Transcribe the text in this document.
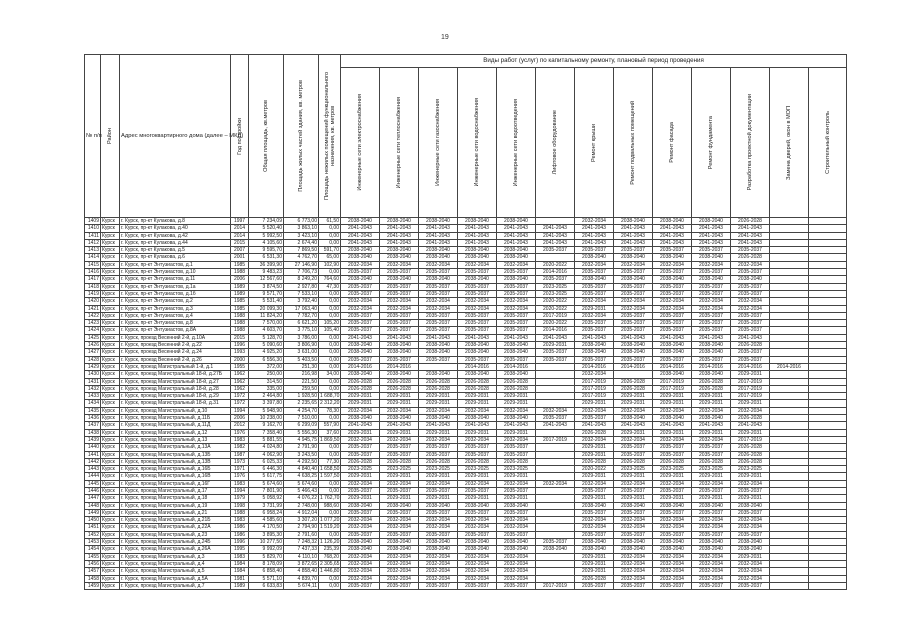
19
№ п/п	Район	Адрес многоквартирного дома (далее – МКД)	Год постройки	Общая площадь, кв.метров	Площадь жилых частей здания, кв. метров	Площадь нежилых помещений функционального назначения, кв. метров	Виды работ (услуг) по капитальному ремонту, плановый период проведения												

							Инженерные сети электроснабжения	Инженерные сети теплоснабжения	Инженерные сети газоснабжения	Инженерные сети водоснабжения	Инженерные сети водоотведения	Лифтовое оборудование	Ремонт крыши	Ремонт подвальных помещений	Ремонт фасада	Ремонт фундамента	Разработка проектной документации	Замена дверей, окон в МОП	Строительный контроль

1409	Курск	г. Курск, пр-кт Кулакова, д.8	1997	7 234,09	6 773,00	61,50	2038-2040	2038-2040	2038-2040	2038-2040	2038-2040		2032-2034	2038-2040	2038-2040	2038-2040	2026-2028		
1410	Курск	г. Курск, пр-кт Кулакова, д.40	2014	5 520,40	3 863,10	0,00	2041-2043	2041-2043	2041-2043	2041-2043	2041-2043	2041-2043	2041-2043	2041-2043	2041-2043	2041-2043	2041-2043		
1411	Курск	г. Курск, пр-кт Кулакова, д.42	2014	5 992,50	3 423,10	0,00	2041-2043	2041-2043	2041-2043	2041-2043	2041-2043	2041-2043	2041-2043	2041-2043	2041-2043	2041-2043	2041-2043		
1412	Курск	г. Курск, пр-кт Кулакова, д.44	2015	4 105,60	2 674,40	0,00	2041-2043	2041-2043	2041-2043	2041-2043	2041-2043	2041-2043	2041-2043	2041-2043	2041-2043	2041-2043	2041-2043		
1413	Курск	г. Курск, пр-кт Кулакова, д.5	2007	9 595,70	7 869,50	591,70	2038-2040	2038-2040	2038-2040	2038-2040	2038-2040	2035-2037	2035-2037	2035-2037	2035-2037	2035-2037	2035-2037		
1414	Курск	г. Курск, пр-кт Кулакова, д.6	2001	6 531,30	4 762,70	65,00	2038-2040	2038-2040	2038-2040	2038-2040	2038-2040		2038-2040	2038-2040	2038-2040	2038-2040	2026-2028		
1415	Курск	г. Курск, пр-кт Энтузиастов, д.1	1985	36 399,90	27 146,90	102,90	2032-2034	2032-2034	2032-2034	2032-2034	2032-2034	2020-2022	2032-2034	2032-2034	2032-2034	2032-2034	2032-2034		
1416	Курск	г. Курск, пр-кт Энтузиастов, д.10	1988	9 483,23	7 706,73	0,00	2035-2037	2035-2037	2035-2037	2035-2037	2035-2037	2014-2016	2035-2037	2035-2037	2035-2037	2035-2037	2035-2037		
1417	Курск	г. Курск, пр-кт Энтузиастов, д.11	2006	12 567,60	8 249,20	764,60	2038-2040	2038-2040	2038-2040	2038-2040	2038-2040	2035-2037	2038-2040	2038-2040	2038-2040	2038-2040	2038-2040		
1418	Курск	г. Курск, пр-кт Энтузиастов, д.1а	1989	3 874,50	2 927,80	47,30	2035-2037	2035-2037	2035-2037	2035-2037	2035-2037	2023-2025	2035-2037	2035-2037	2035-2037	2035-2037	2035-2037		
1419	Курск	г. Курск, пр-кт Энтузиастов, д.1б	1989	9 571,70	7 533,10	0,00	2035-2037	2035-2037	2035-2037	2035-2037	2035-2037	2023-2025	2035-2037	2035-2037	2035-2037	2035-2037	2035-2037		
1420	Курск	г. Курск, пр-кт Энтузиастов, д.2	1985	5 531,40	3 792,40	0,00	2032-2034	2032-2034	2032-2034	2032-2034	2032-2034	2020-2022	2032-2034	2032-2034	2032-2034	2032-2034	2032-2034		
1421	Курск	г. Курск, пр-кт Энтузиастов, д.3	1985	20 099,30	17 063,40	0,00	2032-2034	2032-2034	2032-2034	2032-2034	2032-2034	2020-2022	2029-2031	2032-2034	2032-2034	2032-2034	2032-2034		
1422	Курск	г. Курск, пр-кт Энтузиастов, д.4	1988	11 824,20	7 782,70	0,00	2035-2037	2035-2037	2035-2037	2035-2037	2035-2037	2017-2019	2032-2034	2035-2037	2035-2037	2035-2037	2035-2037		
1423	Курск	г. Курск, пр-кт Энтузиастов, д.8	1988	7 570,00	6 621,20	105,20	2035-2037	2035-2037	2035-2037	2035-2037	2035-2037	2020-2022	2035-2037	2035-2037	2035-2037	2035-2037	2035-2037		
1424	Курск	г. Курск, пр-кт Энтузиастов, д.8А	1988	4 603,70	3 775,10	105,40	2035-2037	2035-2037	2035-2037	2035-2037	2035-2037	2014-2016	2035-2037	2035-2037	2035-2037	2035-2037	2035-2037		
1425	Курск	г. Курск, проезд Весенний 2-й, д.10А	2015	5 128,70	3 786,00	0,00	2041-2043	2041-2043	2041-2043	2041-2043	2041-2043	2041-2043	2041-2043	2041-2043	2041-2043	2041-2043	2041-2043		
1426	Курск	г. Курск, проезд Весенний 2-й, д.22	1996	5 090,60	3 806,90	0,00	2038-2040	2038-2040	2038-2040	2038-2040	2038-2040	2029-2031	2038-2040	2038-2040	2038-2040	2038-2040	2026-2028		
1427	Курск	г. Курск, проезд Весенний 2-й, д.24	1993	4 925,20	3 631,00	0,00	2038-2040	2038-2040	2038-2040	2038-2040	2038-2040	2035-2037	2038-2040	2038-2040	2038-2040	2038-2040	2035-2037		
1428	Курск	г. Курск, проезд Весенний 2-й, д.26	2000	6 556,30	5 403,50	0,00	2035-2037	2035-2037	2035-2037	2035-2037	2035-2037	2035-2037	2035-2037	2035-2037	2035-2037	2035-2037	2035-2037		
1429	Курск	г. Курск, проезд Магистральный 1-й, д.1	1955	372,00	251,30	0,00	2014-2016	2014-2016		2014-2016	2014-2016		2014-2016	2014-2016	2014-2016	2014-2016	2014-2016	2014-2016	
1430	Курск	г. Курск, проезд Магистральный 18-й, д.27Б	1962	250,00	216,98	34,00	2038-2040	2038-2040	2038-2040	2038-2040	2038-2040		2032-2034		2038-2040	2038-2040	2029-2031		
1431	Курск	г. Курск, проезд Магистральный 18-й, д.27	1962	314,50	221,50	0,00	2026-2028	2026-2028	2026-2028	2026-2028	2026-2028		2017-2019	2026-2028	2017-2019	2026-2028	2017-2019		
1432	Курск	г. Курск, проезд Магистральный 18-й, д.28	1962	335,00	259,50	0,00	2026-2028	2026-2028	2026-2028	2026-2028	2026-2028		2017-2019	2026-2028	2017-2019	2026-2028	2017-2019		
1433	Курск	г. Курск, проезд Магистральный 18-й, д.29	1972	2 464,80	1 928,50	1 688,70	2029-2031	2029-2031	2029-2031	2029-2031	2029-2031		2017-2019	2029-2031	2029-2031	2029-2031	2017-2019		
1434	Курск	г. Курск, проезд Магистральный 18-й, д.31	1972	3 397,80	2 235,65	2 312,20	2029-2031	2029-2031	2029-2031	2029-2031	2029-2031		2029-2031	2029-2031	2029-2031	2029-2031	2029-2031		
1435	Курск	г. Курск, проезд Магистральный, д.10	1994	5 948,90	4 254,70	78,30	2032-2034	2032-2034	2032-2034	2032-2034	2032-2034	2032-2034	2032-2034	2032-2034	2032-2034	2032-2034	2032-2034		
1436	Курск	г. Курск, проезд Магистральный, д.11Б	2006	10 238,00	7 510,00	0,00	2038-2040	2038-2040	2038-2040	2038-2040	2038-2040	2035-2037	2035-2037	2038-2040	2038-2040	2038-2040	2026-2028		
1437	Курск	г. Курск, проезд Магистральный, д.11Д	2012	9 162,70	6 299,09	557,90	2041-2043	2041-2043	2041-2043	2041-2043	2041-2043	2041-2043	2041-2043	2041-2043	2041-2043	2041-2043	2041-2043		
1438	Курск	г. Курск, проезд Магистральный, д.12	1976	7 358,40	5 556,30	37,60	2029-2031	2029-2031	2029-2031	2029-2031	2029-2031		2026-2028	2029-2031	2029-2031	2029-2031	2029-2031		
1439	Курск	г. Курск, проезд Магистральный, д.13	1983	5 881,55	4 945,75	1 869,50	2032-2034	2032-2034	2032-2034	2032-2034	2032-2034	2017-2019	2032-2034	2032-2034	2032-2034	2032-2034	2017-2019		
1440	Курск	г. Курск, проезд Магистральный, д.13А	1982	4 024,80	2 791,90	0,00	2035-2037	2035-2037	2035-2037	2035-2037	2035-2037		2029-2031	2035-2037	2035-2037	2035-2037	2026-2028		
1441	Курск	г. Курск, проезд Магистральный, д.13Б	1987	4 062,90	3 243,50	0,00	2035-2037	2035-2037	2035-2037	2035-2037	2035-2037		2029-2031	2035-2037	2035-2037	2035-2037	2026-2028		
1442	Курск	г. Курск, проезд Магистральный, д.13В	1973	6 025,33	4 292,50	77,30	2026-2028	2026-2028	2026-2028	2026-2028	2026-2028		2026-2028	2026-2028	2026-2028	2026-2028	2026-2028		
1443	Курск	г. Курск, проезд Магистральный, д.16Б	1971	6 446,30	4 840,40	1 658,50	2023-2025	2023-2025	2023-2025	2023-2025	2023-2025		2020-2022	2023-2025	2023-2025	2023-2025	2023-2025		
1444	Курск	г. Курск, проезд Магистральный, д.16В	1976	5 617,75	4 638,25	1 597,50	2029-2031	2029-2031	2029-2031	2029-2031	2029-2031		2029-2031	2029-2031	2029-2031	2029-2031	2029-2031		
1445	Курск	г. Курск, проезд Магистральный, д.16Г	1983	5 674,60	5 674,60	0,00	2032-2034	2032-2034	2032-2034	2032-2034	2032-2034	2032-2034	2032-2034	2032-2034	2032-2034	2032-2034	2032-2034		
1446	Курск	г. Курск, проезд Магистральный, д.17	1994	7 801,90	5 466,43	0,00	2035-2037	2035-2037	2035-2037	2035-2037	2035-2037		2035-2037	2035-2037	2035-2037	2035-2037	2035-2037		
1447	Курск	г. Курск, проезд Магистральный, д.18	1979	5 058,92	4 076,22	1 762,70	2029-2031	2029-2031	2029-2031	2029-2031	2029-2031		2029-2031	2029-2031	2029-2031	2029-2031	2029-2031		
1448	Курск	г. Курск, проезд Магистральный, д.19	1998	3 731,99	2 748,00	988,60	2038-2040	2038-2040	2038-2040	2038-2040	2038-2040		2038-2040	2038-2040	2038-2040	2038-2040	2038-2040		
1449	Курск	г. Курск, проезд Магистральный, д.21	1988	6 958,24	4 912,04	0,00	2035-2037	2035-2037	2035-2037	2035-2037	2035-2037		2035-2037	2035-2037	2035-2037	2035-2037	2035-2037		
1450	Курск	г. Курск, проезд Магистральный, д.21Б	1983	4 585,60	3 307,20	1 077,20	2032-2034	2032-2034	2032-2034	2032-2034	2032-2034		2032-2034	2032-2034	2032-2034	2032-2034	2032-2034		
1451	Курск	г. Курск, проезд Магистральный, д.22А	1986	4 170,50	2 794,90	1 519,20	2032-2034	2032-2034	2032-2034	2032-2034	2032-2034		2032-2034	2032-2034	2032-2034	2032-2034	2032-2034		
1452	Курск	г. Курск, проезд Магистральный, д.23	1986	3 895,30	2 791,60	0,00	2035-2037	2035-2037	2035-2037	2035-2037	2035-2037		2035-2037	2035-2037	2035-2037	2035-2037	2035-2037		
1453	Курск	г. Курск, проезд Магистральный, д.24Б	1996	10 277,50	7 248,32	1 126,20	2038-2040	2038-2040	2038-2040	2038-2040	2038-2040	2035-2037	2038-2040	2038-2040	2038-2040	2038-2040	2038-2040		
1454	Курск	г. Курск, проезд Магистральный, д.26А	1995	9 992,09	7 437,33	235,39	2038-2040	2038-2040	2038-2040	2038-2040	2038-2040	2038-2040	2038-2040	2038-2040	2038-2040	2038-2040	2038-2040		
1455	Курск	г. Курск, проезд Магистральный, д.3	1983	5 829,70	4 110,10	768,20	2032-2034	2032-2034	2032-2034	2032-2034	2032-2034		2029-2031	2032-2034	2032-2034	2032-2034	2029-2031		
1456	Курск	г. Курск, проезд Магистральный, д.4	1984	8 178,09	3 872,65	2 305,65	2032-2034	2032-2034	2032-2034	2032-2034	2032-2034		2029-2031	2032-2034	2032-2034	2032-2034	2032-2034		
1457	Курск	г. Курск, проезд Магистральный, д.5	1984	6 858,40	4 858,40	1 446,80	2032-2034	2032-2034	2032-2034	2032-2034	2032-2034		2029-2031	2032-2034	2032-2034	2032-2034	2032-2034		
1458	Курск	г. Курск, проезд Магистральный, д.5А	1981	5 571,10	4 839,70	0,00	2032-2034	2032-2034	2032-2034	2032-2034	2032-2034		2026-2028	2032-2034	2032-2034	2032-2034	2032-2034		
1459	Курск	г. Курск, проезд Магистральный, д.7	1989	6 633,83	5 674,11	0,00	2035-2037	2035-2037	2035-2037	2035-2037	2035-2037	2017-2019	2035-2037	2035-2037	2035-2037	2035-2037	2035-2037		
